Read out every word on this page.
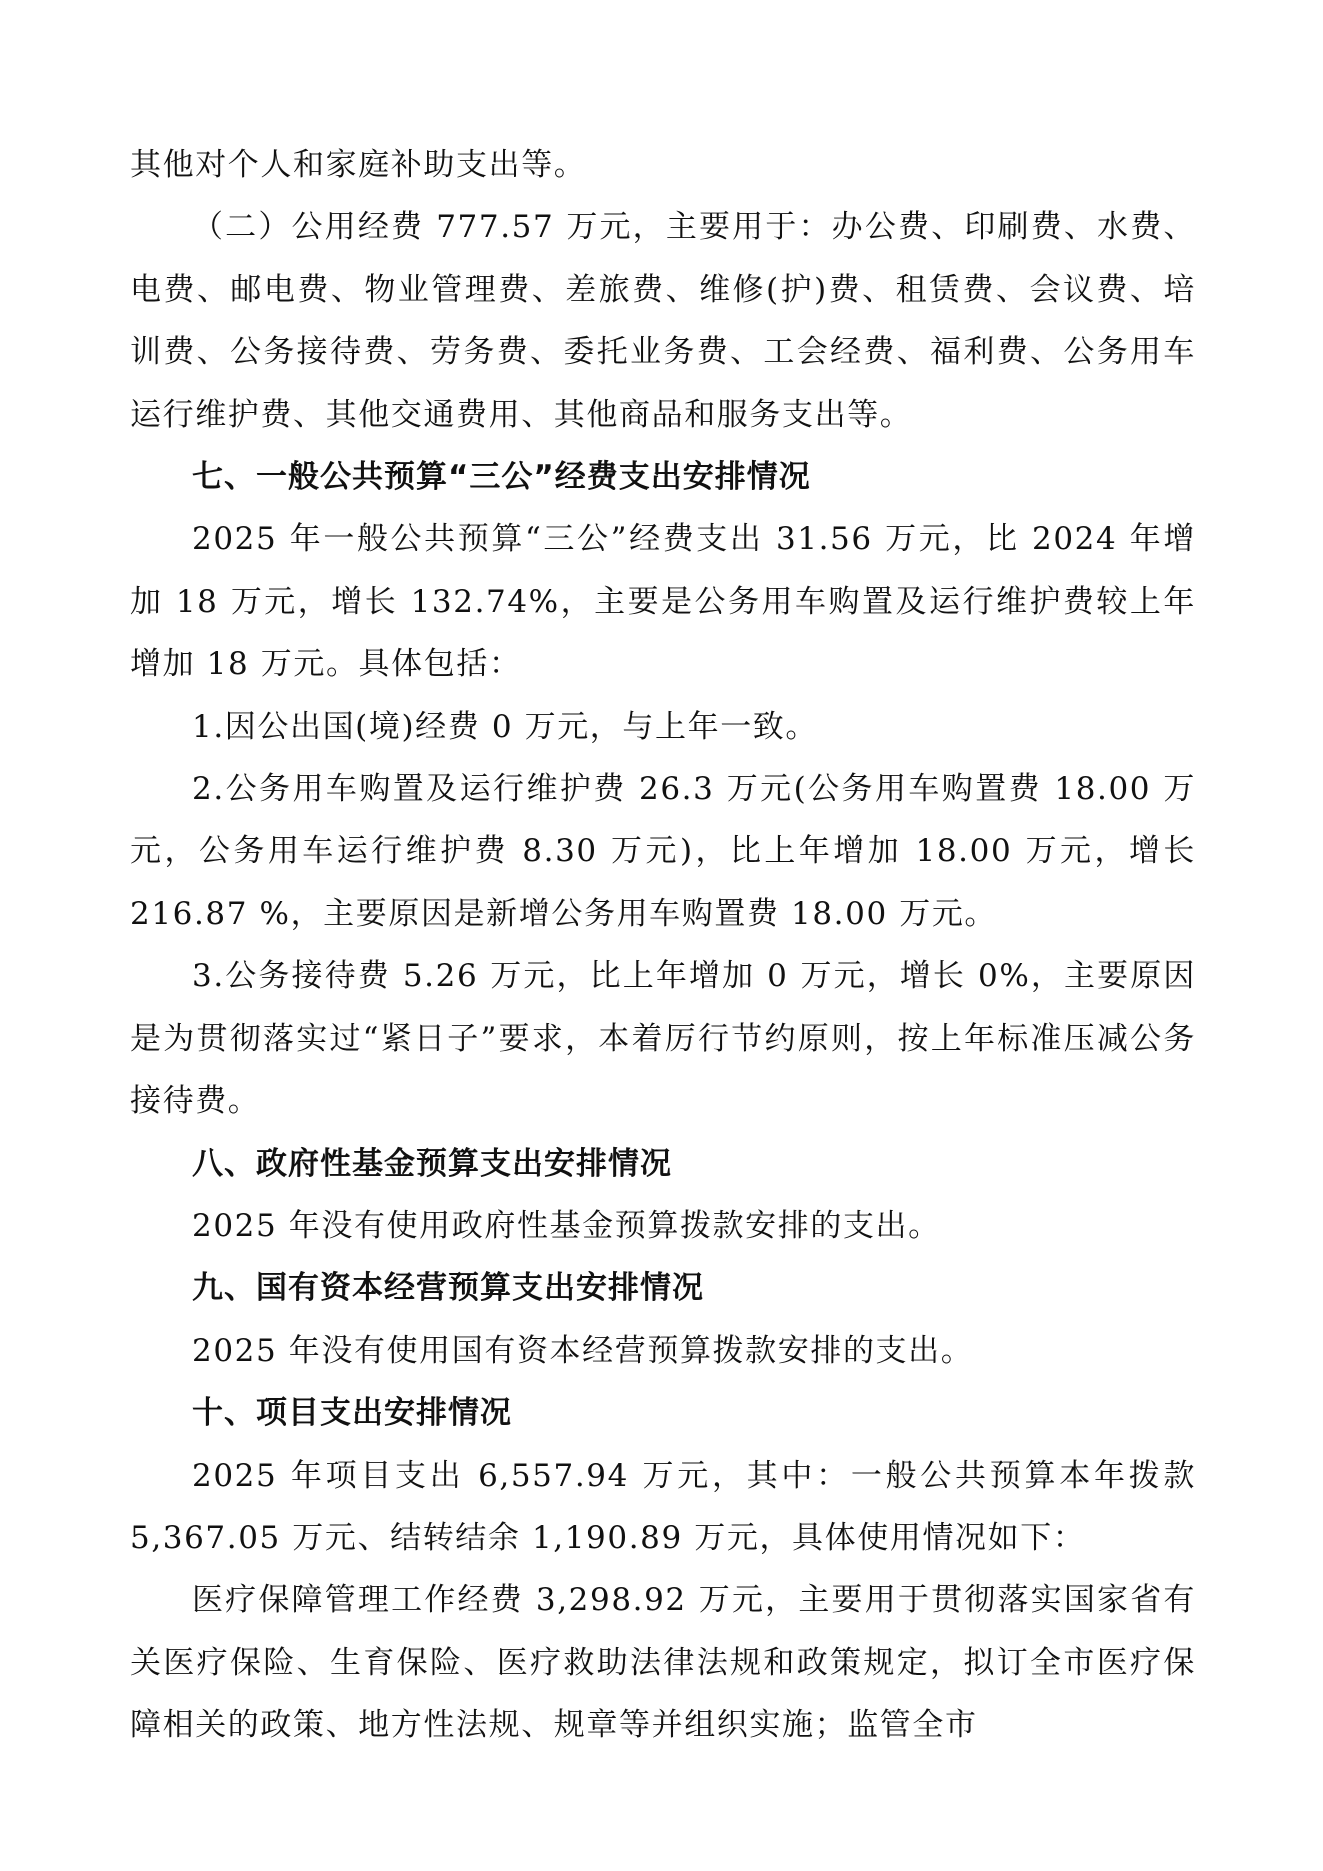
其他对个人和家庭补助支出等。

（二）公用经费 777.57 万元，主要用于：办公费、印刷费、水费、电费、邮电费、物业管理费、差旅费、维修(护)费、租赁费、会议费、培训费、公务接待费、劳务费、委托业务费、工会经费、福利费、公务用车运行维护费、其他交通费用、其他商品和服务支出等。

七、一般公共预算“三公”经费支出安排情况

2025 年一般公共预算“三公”经费支出 31.56 万元，比 2024 年增加 18 万元，增长 132.74%，主要是公务用车购置及运行维护费较上年增加 18 万元。具体包括：

1.因公出国(境)经费 0 万元，与上年一致。

2.公务用车购置及运行维护费 26.3 万元(公务用车购置费 18.00 万元，公务用车运行维护费 8.30 万元)，比上年增加 18.00 万元，增长 216.87 %，主要原因是新增公务用车购置费 18.00 万元。

3.公务接待费 5.26 万元，比上年增加 0 万元，增长 0%，主要原因是为贯彻落实过“紧日子”要求，本着厉行节约原则，按上年标准压减公务接待费。

八、政府性基金预算支出安排情况

2025 年没有使用政府性基金预算拨款安排的支出。

九、国有资本经营预算支出安排情况

2025 年没有使用国有资本经营预算拨款安排的支出。

十、项目支出安排情况

2025 年项目支出 6,557.94 万元，其中：一般公共预算本年拨款 5,367.05 万元、结转结余 1,190.89 万元，具体使用情况如下：

医疗保障管理工作经费 3,298.92 万元，主要用于贯彻落实国家省有关医疗保险、生育保险、医疗救助法律法规和政策规定，拟订全市医疗保障相关的政策、地方性法规、规章等并组织实施；监管全市
